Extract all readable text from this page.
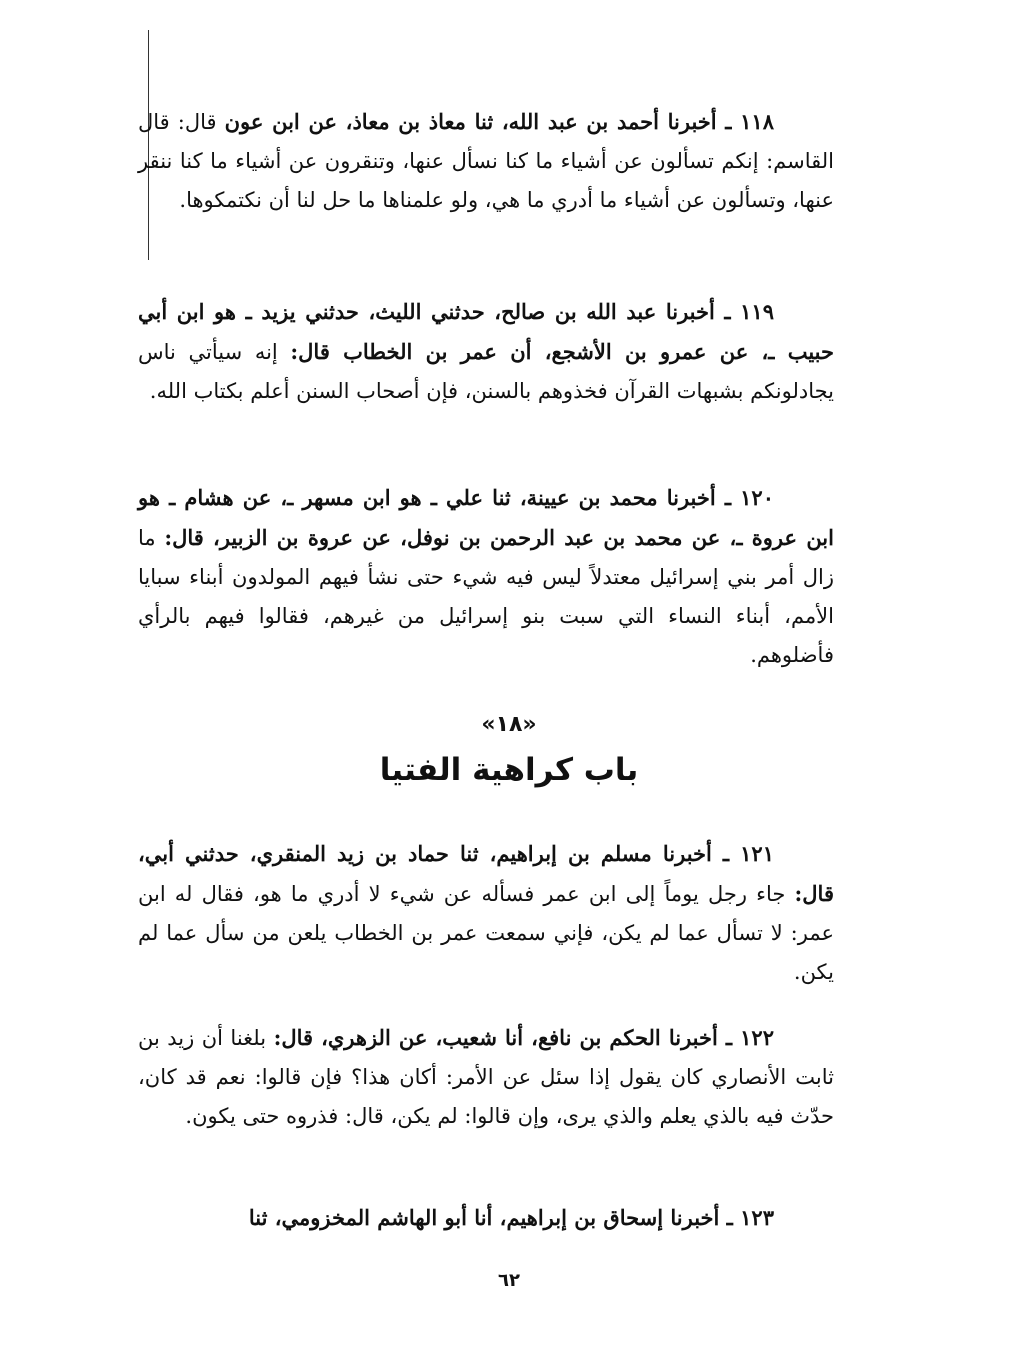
١١٨ ـ أخبرنا أحمد بن عبد الله، ثنا معاذ بن معاذ، عن ابن عون قال: قال القاسم: إنكم تسألون عن أشياء ما كنا نسأل عنها، وتنقرون عن أشياء ما كنا ننقر عنها، وتسألون عن أشياء ما أدري ما هي، ولو علمناها ما حل لنا أن نكتمكوها.

١١٩ ـ أخبرنا عبد الله بن صالح، حدثني الليث، حدثني يزيد ـ هو ابن أبي حبيب ـ، عن عمرو بن الأشجع، أن عمر بن الخطاب قال: إنه سيأتي ناس يجادلونكم بشبهات القرآن فخذوهم بالسنن، فإن أصحاب السنن أعلم بكتاب الله.

١٢٠ ـ أخبرنا محمد بن عيينة، ثنا علي ـ هو ابن مسهر ـ، عن هشام ـ هو ابن عروة ـ، عن محمد بن عبد الرحمن بن نوفل، عن عروة بن الزبير، قال: ما زال أمر بني إسرائيل معتدلاً ليس فيه شيء حتى نشأ فيهم المولدون أبناء سبايا الأمم، أبناء النساء التي سبت بنو إسرائيل من غيرهم، فقالوا فيهم بالرأي فأضلوهم.

«١٨»
باب كراهية الفتيا

١٢١ ـ أخبرنا مسلم بن إبراهيم، ثنا حماد بن زيد المنقري، حدثني أبي، قال: جاء رجل يوماً إلى ابن عمر فسأله عن شيء لا أدري ما هو، فقال له ابن عمر: لا تسأل عما لم يكن، فإني سمعت عمر بن الخطاب يلعن من سأل عما لم يكن.

١٢٢ ـ أخبرنا الحكم بن نافع، أنا شعيب، عن الزهري، قال: بلغنا أن زيد بن ثابت الأنصاري كان يقول إذا سئل عن الأمر: أكان هذا؟ فإن قالوا: نعم قد كان، حدّث فيه بالذي يعلم والذي يرى، وإن قالوا: لم يكن، قال: فذروه حتى يكون.

١٢٣ ـ أخبرنا إسحاق بن إبراهيم، أنا أبو الهاشم المخزومي، ثنا

٦٢
